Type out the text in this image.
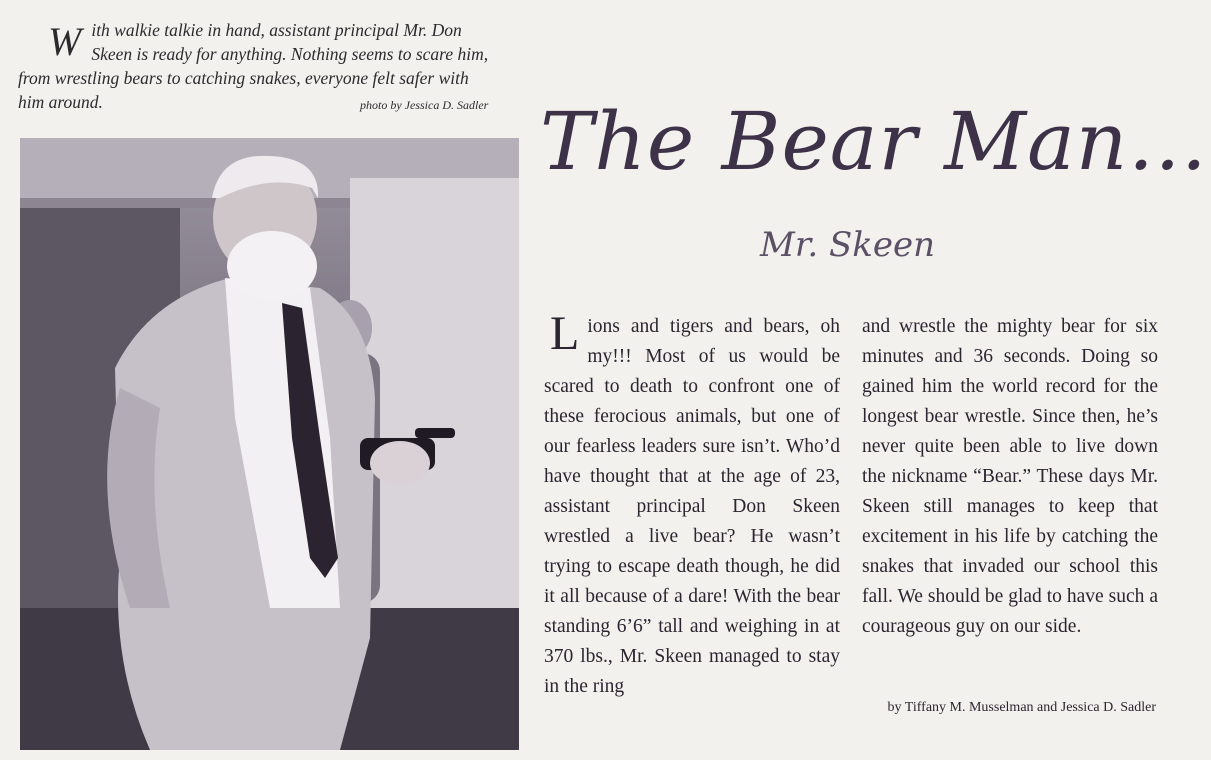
W ith walkie talkie in hand, assistant principal Mr. Don
Skeen is ready for anything. Nothing seems to scare him,
from wrestling bears to catching snakes, everyone felt safer with
him around.	photo by Jessica D. Sadler The Bear Man...
Mr. Skeen
L ions and tigers and bears, oh my!!! Most of us would be scared to death to confront one of these ferocious animals, but one of our fearless leaders sure isn’t. Who’d have thought that at the age of 23, assistant principal Don Skeen wrestled a live bear? He wasn’t trying to escape death though, he did it all because of a dare! With the bear standing 6’6” tall and weighing in at 370 lbs., Mr. Skeen managed to stay in the ring
and wrestle the mighty bear for six minutes and 36 seconds. Doing so gained him the world record for the longest bear wrestle. Since then, he’s never quite been able to live down the nickname “Bear.” These days Mr. Skeen still manages to keep that excitement in his life by catching the snakes that invaded our school this fall. We should be glad to have such a courageous guy on our side.
by Tiffany M. Musselman and Jessica D. Sadler
